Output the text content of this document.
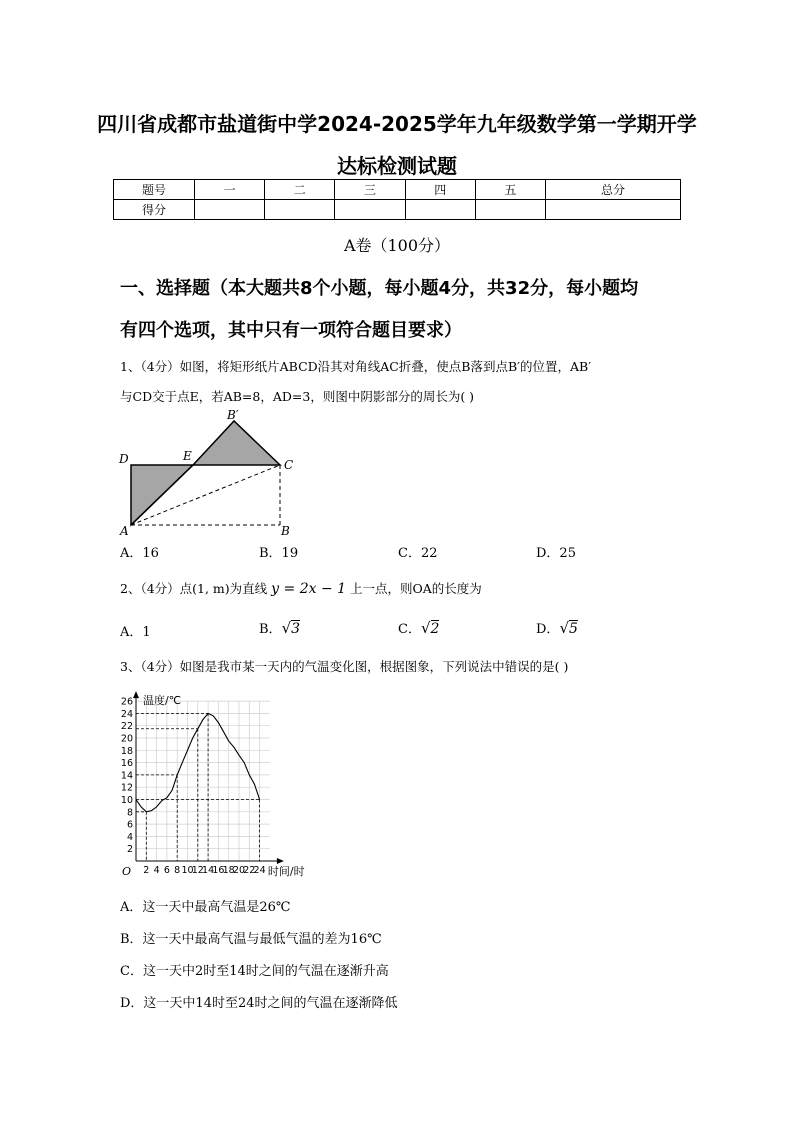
四川省成都市盐道街中学2024-2025学年九年级数学第一学期开学
达标检测试题
题号	一	二	三	四	五	总分
得分						
A卷（100分）
一、选择题（本大题共8个小题，每小题4分，共32分，每小题均
有四个选项，其中只有一项符合题目要求）
1、（4分）如图，将矩形纸片ABCD沿其对角线AC折叠，使点B落到点B′的位置，AB′
与CD交于点E，若AB=8，AD=3，则图中阴影部分的周长为( )
B′
D	E
C
A	B
A．16	B．19	C．22	D．25
2、（4分）点(1, m)为直线 y = 2x − 1 上一点，则OA的长度为
A．1	B．√3	C．√2	D．√5
3、（4分）如图是我市某一天内的气温变化图，根据图象，下列说法中错误的是( )
2 4 6 8 10
12
14
16
18
20
22
24
2
4
6
8
10
12
14
16
18
20
22
24
26
O	时间/时
温度/℃
A．这一天中最高气温是26℃
B．这一天中最高气温与最低气温的差为16℃
C．这一天中2时至14时之间的气温在逐渐升高
D．这一天中14时至24时之间的气温在逐渐降低
